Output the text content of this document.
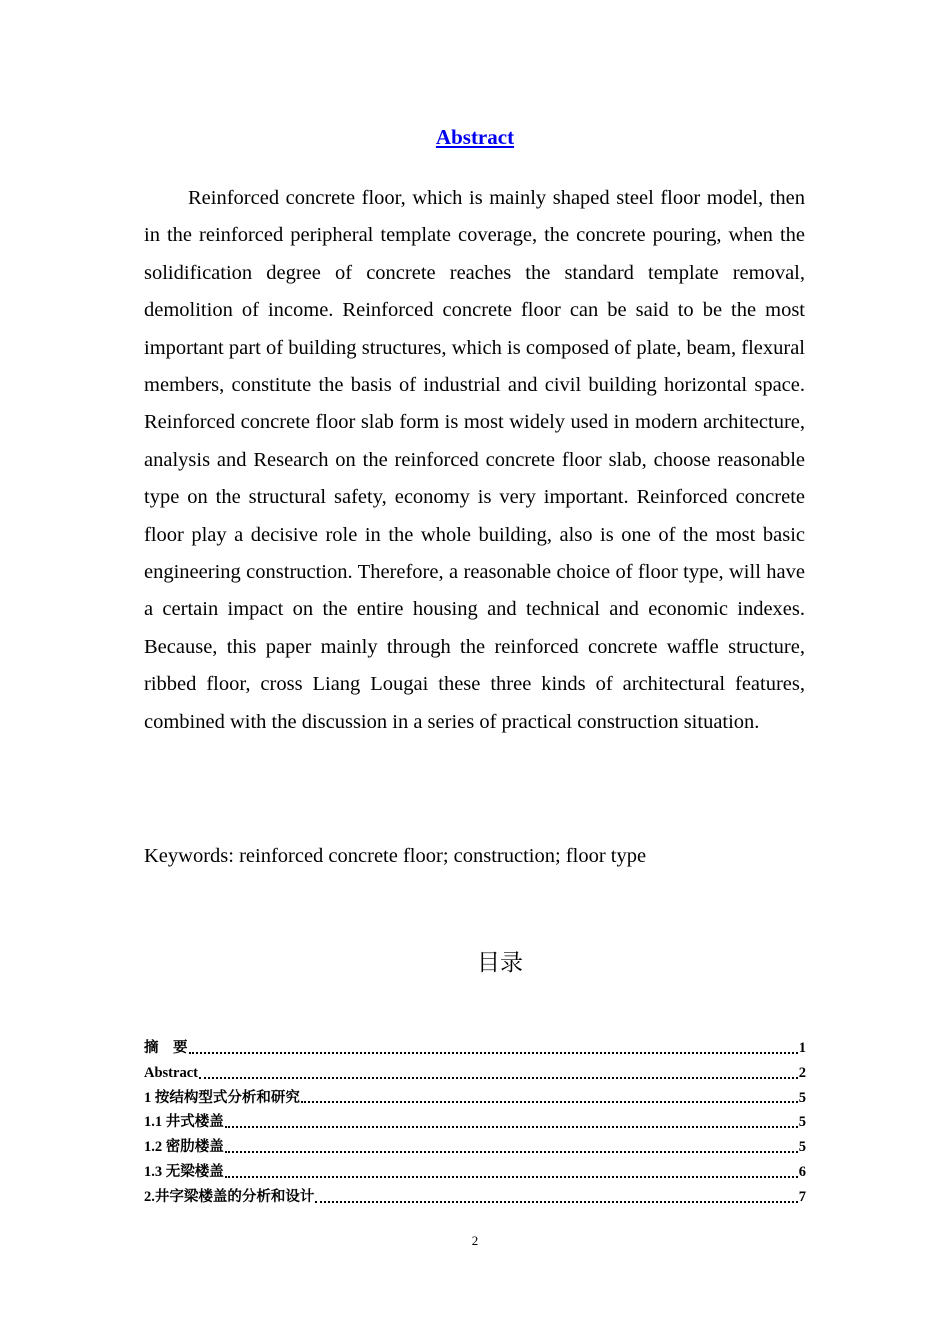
Abstract

Reinforced concrete floor, which is mainly shaped steel floor model, then in the reinforced peripheral template coverage, the concrete pouring, when the solidification degree of concrete reaches the standard template removal, demolition of income. Reinforced concrete floor can be said to be the most important part of building structures, which is composed of plate, beam, flexural members, constitute the basis of industrial and civil building horizontal space. Reinforced concrete floor slab form is most widely used in modern architecture, analysis and Research on the reinforced concrete floor slab, choose reasonable type on the structural safety, economy is very important. Reinforced concrete floor play a decisive role in the whole building, also is one of the most basic engineering construction. Therefore, a reasonable choice of floor type, will have a certain impact on the entire housing and technical and economic indexes. Because, this paper mainly through the reinforced concrete waffle structure, ribbed floor, cross Liang Lougai these three kinds of architectural features, combined with the discussion in a series of practical construction situation.

Keywords: reinforced concrete floor; construction; floor type

目录
摘　要	1
Abstract	2
1 按结构型式分析和研究	5
1.1 井式楼盖	5
1.2 密肋楼盖	5
1.3 无梁楼盖	6
2.井字梁楼盖的分析和设计	7
2
